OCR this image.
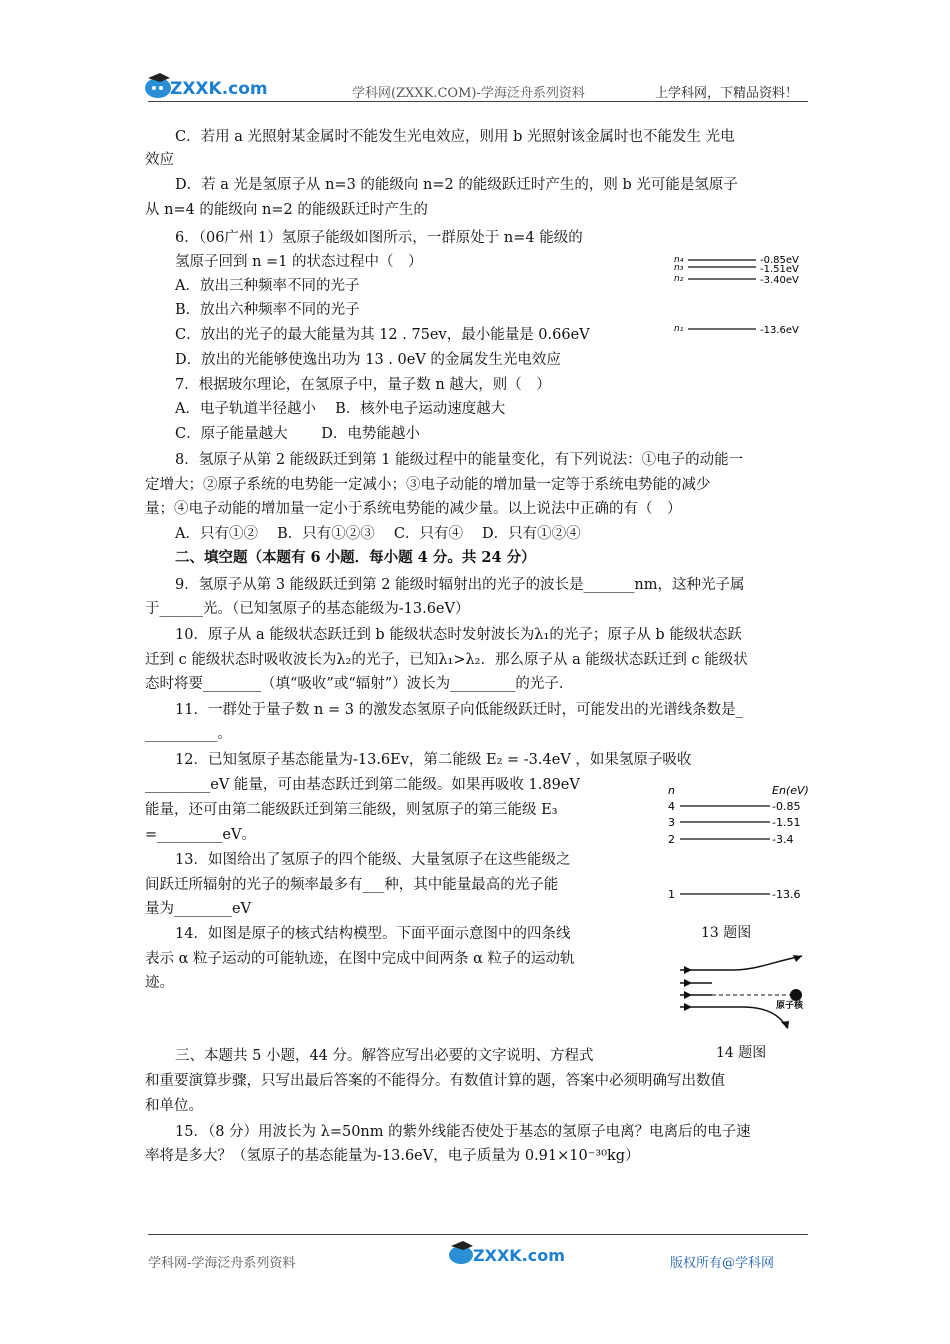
ZXXK.com	学科网(ZXXK.COM)-学海泛舟系列资料	上学科网，下精品资料！
C．若用 a 光照射某金属时不能发生光电效应，则用 b 光照射该金属时也不能发生 光电
效应
D．若 a 光是氢原子从 n=3 的能级向 n=2 的能级跃迁时产生的，则 b 光可能是氢原子
从 n=4 的能级向 n=2 的能级跃迁时产生的
6．（06广州 1）氢原子能级如图所示，一群原处于 n=4 能级的
氢原子回到 n =1 的状态过程中（　）
A．放出三种频率不同的光子
B．放出六种频率不同的光子
C．放出的光子的最大能量为其 12 . 75ev，最小能量是 0.66eV
D．放出的光能够使逸出功为 13 . 0eV 的金属发生光电效应
n₄
n₃
n₂
n₁
-0.85eV
-1.51eV
-3.40eV
-13.6eV
7．根据玻尔理论，在氢原子中，量子数 n 越大，则（　）
A．电子轨道半径越小　 B．核外电子运动速度越大
C．原子能量越大　　 D．电势能越小
8．氢原子从第 2 能级跃迁到第 1 能级过程中的能量变化，有下列说法：①电子的动能一
定增大；②原子系统的电势能一定减小；③电子动能的增加量一定等于系统电势能的减少
量；④电子动能的增加量一定小于系统电势能的减少量。以上说法中正确的有（　）
A．只有①②　 B．只有①②③　 C．只有④　 D．只有①②④
二、填空题（本题有 6 小题．每小题 4 分。共 24 分）
9．氢原子从第 3 能级跃迁到第 2 能级时辐射出的光子的波长是_______nm，这种光子属
于______光。（已知氢原子的基态能级为-13.6eV）
10．原子从 a 能级状态跃迁到 b 能级状态时发射波长为λ₁的光子；原子从 b 能级状态跃
迁到 c 能级状态时吸收波长为λ₂的光子，已知λ₁>λ₂．那么原子从 a 能级状态跃迁到 c 能级状
态时将要________（填“吸收”或“辐射”）波长为_________的光子．
11．一群处于量子数 n = 3 的激发态氢原子向低能级跃迁时，可能发出的光谱线条数是_
__________。
12．已知氢原子基态能量为-13.6Ev，第二能级 E₂ = -3.4eV ，如果氢原子吸收
_________eV 能量，可由基态跃迁到第二能级。如果再吸收 1.89eV
能量，还可由第二能级跃迁到第三能级，则氢原子的第三能级 E₃
=_________eV。
13．如图给出了氢原子的四个能级、大量氢原子在这些能级之
间跃迁所辐射的光子的频率最多有___种，其中能量最高的光子能
量为________eV
n	En(eV)
4
3
2
1
-0.85
-1.51
-3.4
-13.6
13 题图
14．如图是原子的核式结构模型。下面平面示意图中的四条线
表示 α 粒子运动的可能轨迹，在图中完成中间两条 α 粒子的运动轨
迹。
原子核
14 题图
三、本题共 5 小题，44 分。解答应写出必要的文字说明、方程式
和重要演算步骤，只写出最后答案的不能得分。有数值计算的题，答案中必须明确写出数值
和单位。
15．（8 分）用波长为 λ=50nm 的紫外线能否使处于基态的氢原子电离？电离后的电子速
率将是多大？（氢原子的基态能量为-13.6eV，电子质量为 0.91×10⁻³⁰kg）
学科网-学海泛舟系列资料	ZXXK.com	版权所有@学科网
